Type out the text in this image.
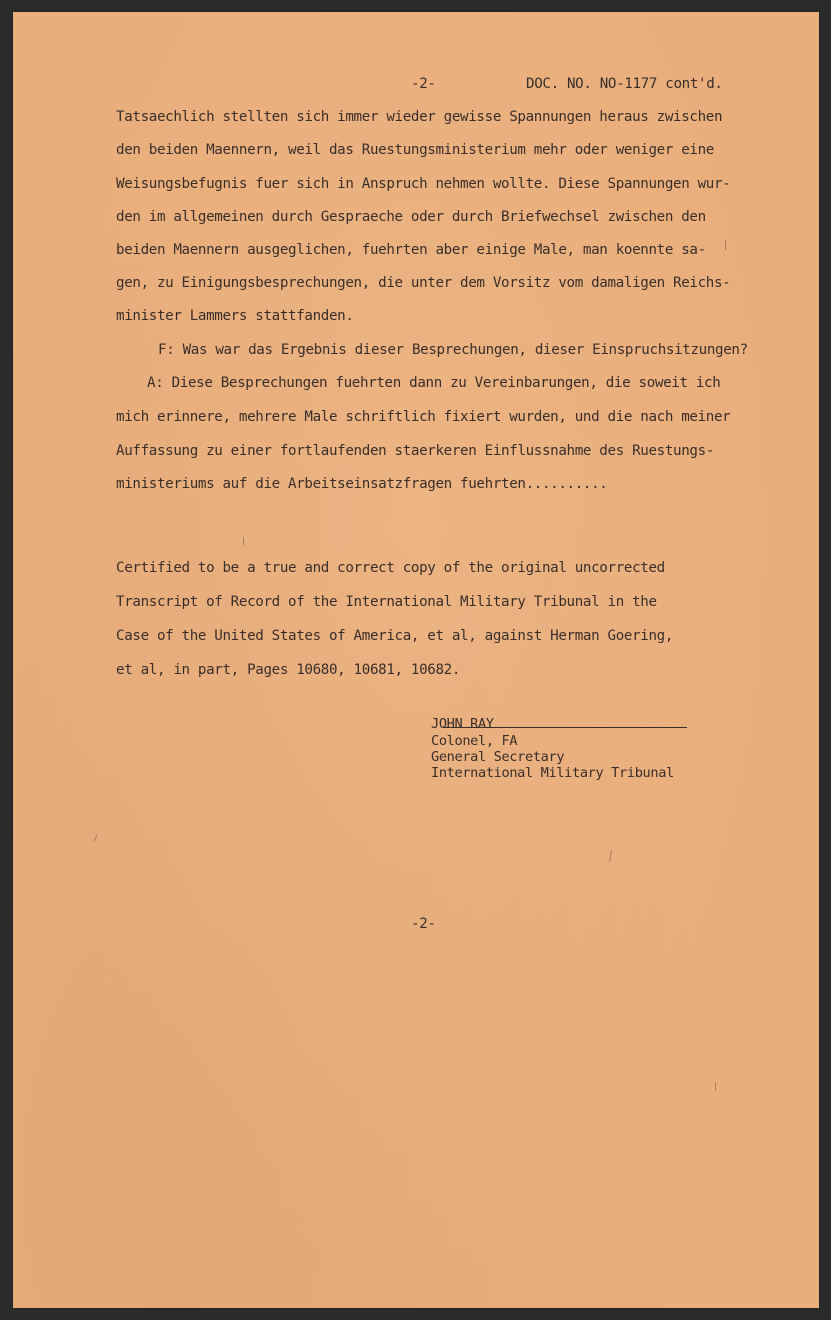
-2-	DOC. NO. NO-1177 cont'd.
Tatsaechlich stellten sich immer wieder gewisse Spannungen heraus zwischen
den beiden Maennern, weil das Ruestungsministerium mehr oder weniger eine
Weisungsbefugnis fuer sich in Anspruch nehmen wollte. Diese Spannungen wur-
den im allgemeinen durch Gespraeche oder durch Briefwechsel zwischen den
beiden Maennern ausgeglichen, fuehrten aber einige Male, man koennte sa-
gen, zu Einigungsbesprechungen, die unter dem Vorsitz vom damaligen Reichs-
minister Lammers stattfanden.
F: Was war das Ergebnis dieser Besprechungen, dieser Einspruchsitzungen?
A: Diese Besprechungen fuehrten dann zu Vereinbarungen, die soweit ich
mich erinnere, mehrere Male schriftlich fixiert wurden, und die nach meiner
Auffassung zu einer fortlaufenden staerkeren Einflussnahme des Ruestungs-
ministeriums auf die Arbeitseinsatzfragen fuehrten..........
Certified to be a true and correct copy of the original uncorrected
Transcript of Record of the International Military Tribunal in the
Case of the United States of America, et al, against Herman Goering,
et al, in part, Pages 10680, 10681, 10682.
JOHN RAY
Colonel, FA
General Secretary
International Military Tribunal
-2-
